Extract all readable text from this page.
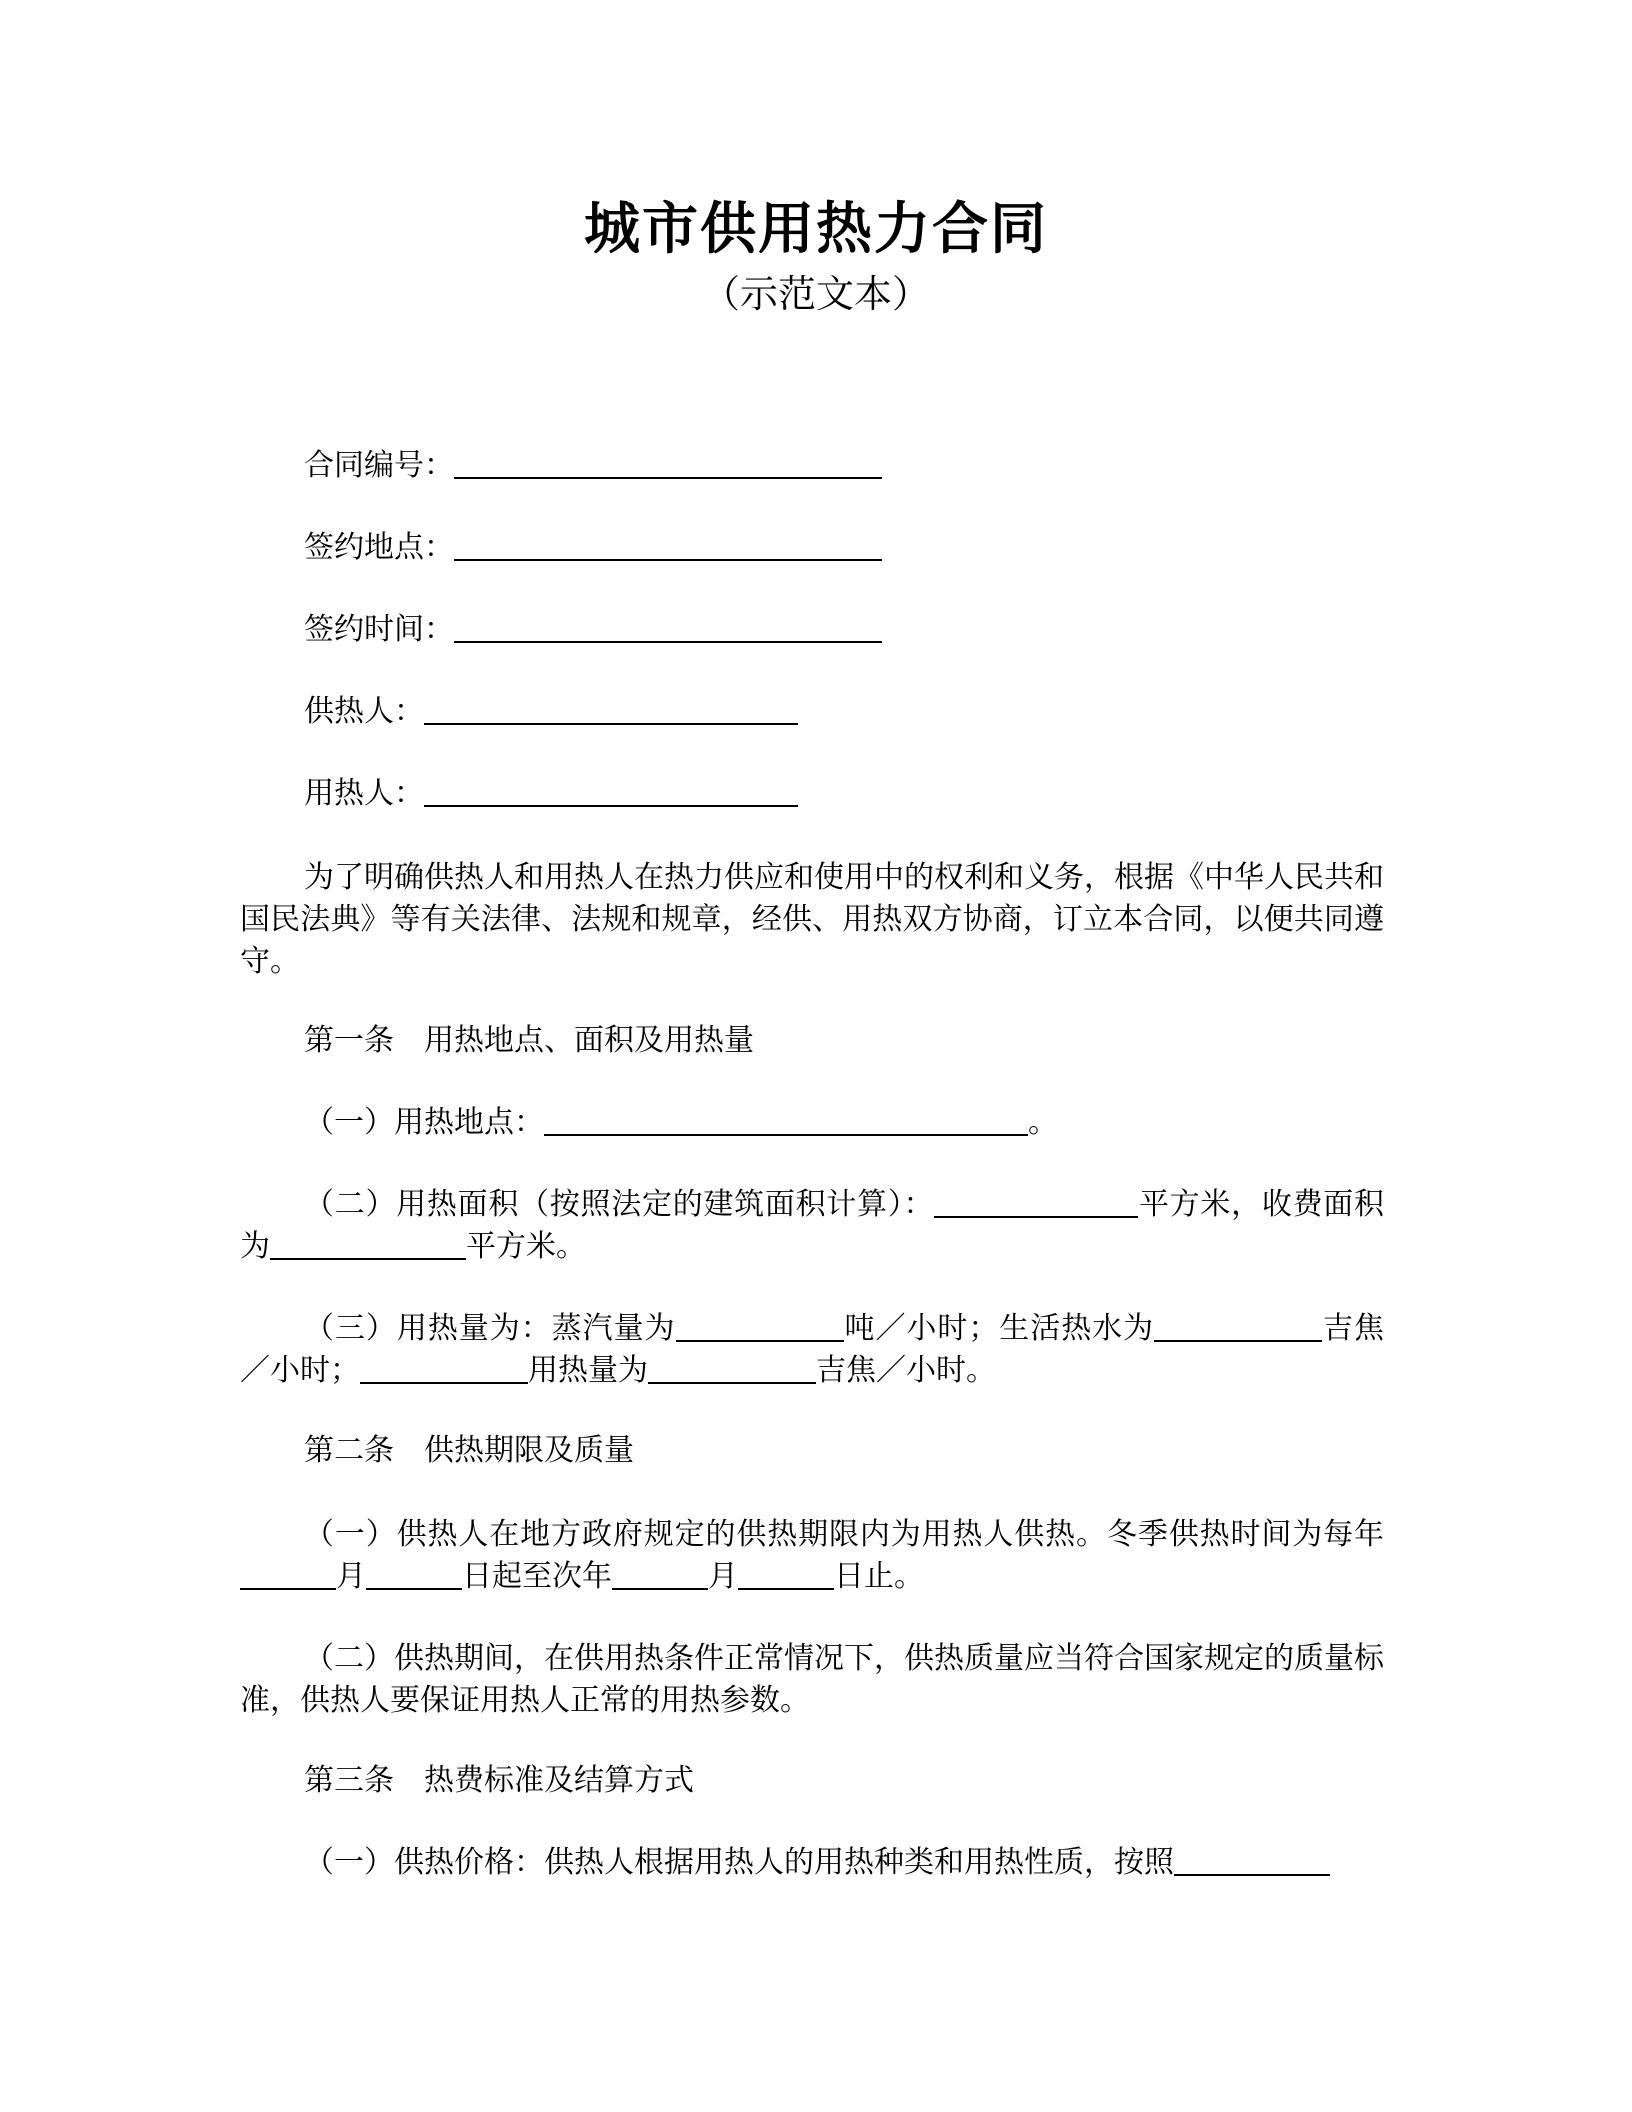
城市供用热力合同
（示范文本）
合同编号：
签约地点：
签约时间：
供热人：
用热人：

为了明确供热人和用热人在热力供应和使用中的权利和义务，根据《中华人民共和国民法典》等有关法律、法规和规章，经供、用热双方协商，订立本合同，以便共同遵守。

第一条　用热地点、面积及用热量
（一）用热地点：	。

（二）用热面积（按照法定的建筑面积计算）：	平方米，收费面积为	平方米。

（三）用热量为：蒸汽量为	吨／小时；生活热水为	吉焦／小时；	用热量为	吉焦／小时。

第二条　供热期限及质量

（一）供热人在地方政府规定的供热期限内为用热人供热。冬季供热时间为每年月	日起至次年	月	日止。

（二）供热期间，在供用热条件正常情况下，供热质量应当符合国家规定的质量标准，供热人要保证用热人正常的用热参数。

第三条　热费标准及结算方式

（一）供热价格：供热人根据用热人的用热种类和用热性质，按照
